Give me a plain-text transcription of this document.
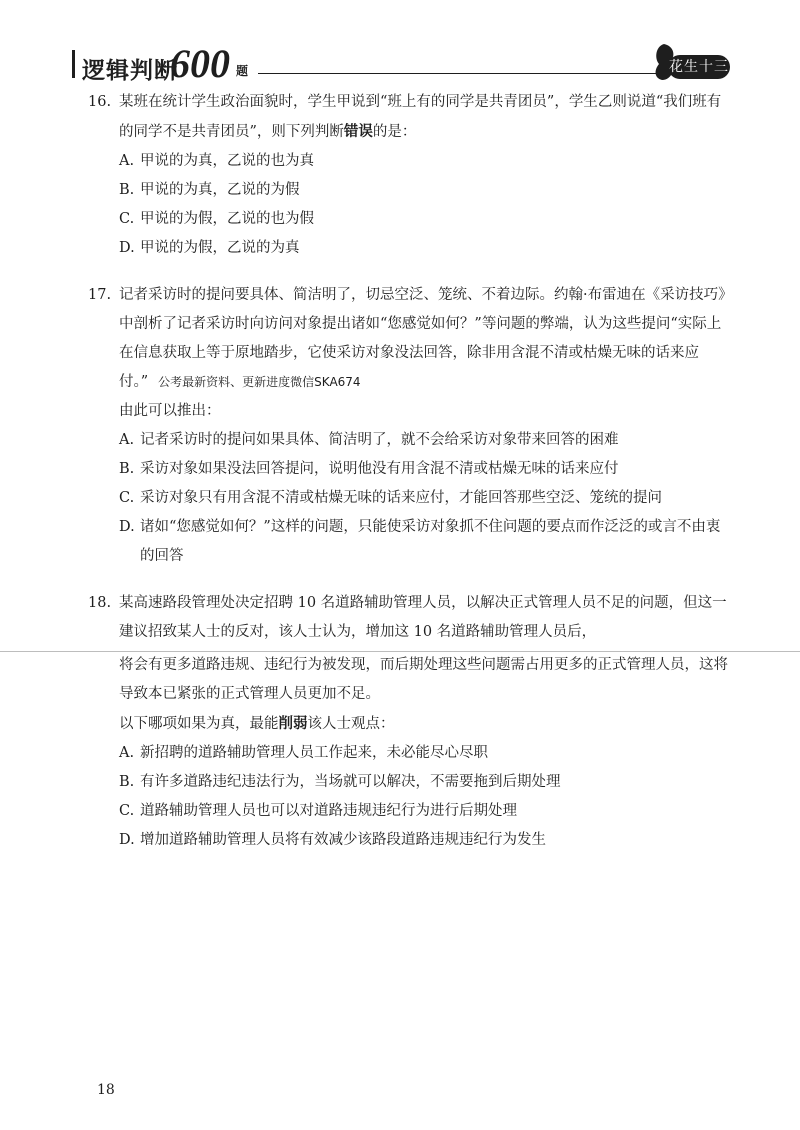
逻辑判断
600 题	花生十三
16. 某班在统计学生政治面貌时，学生甲说到“班上有的同学是共青团员”，学生乙则说道“我们班有的同学不是共青团员”，则下列判断错误的是：
A. 甲说的为真，乙说的也为真
B. 甲说的为真，乙说的为假
C. 甲说的为假，乙说的也为假
D. 甲说的为假，乙说的为真
17. 记者采访时的提问要具体、简洁明了，切忌空泛、笼统、不着边际。约翰·布雷迪在《采访技巧》中剖析了记者采访时向访问对象提出诸如“您感觉如何？”等问题的弊端，认为这些提问“实际上在信息获取上等于原地踏步，它使采访对象没法回答，除非用含混不清或枯燥无味的话来应付。” 公考最新资料、更新进度微信SKA674
由此可以推出：
A. 记者采访时的提问如果具体、简洁明了，就不会给采访对象带来回答的困难
B. 采访对象如果没法回答提问，说明他没有用含混不清或枯燥无味的话来应付
C. 采访对象只有用含混不清或枯燥无味的话来应付，才能回答那些空泛、笼统的提问
D. 诸如“您感觉如何？”这样的问题，只能使采访对象抓不住问题的要点而作泛泛的或言不由衷的回答
18. 某高速路段管理处决定招聘 10 名道路辅助管理人员，以解决正式管理人员不足的问题，但这一建议招致某人士的反对，该人士认为，增加这 10 名道路辅助管理人员后，
将会有更多道路违规、违纪行为被发现，而后期处理这些问题需占用更多的正式管理人员，这将导致本已紧张的正式管理人员更加不足。
以下哪项如果为真，最能削弱该人士观点：
A. 新招聘的道路辅助管理人员工作起来，未必能尽心尽职
B. 有许多道路违纪违法行为，当场就可以解决，不需要拖到后期处理
C. 道路辅助管理人员也可以对道路违规违纪行为进行后期处理
D. 增加道路辅助管理人员将有效减少该路段道路违规违纪行为发生
18
